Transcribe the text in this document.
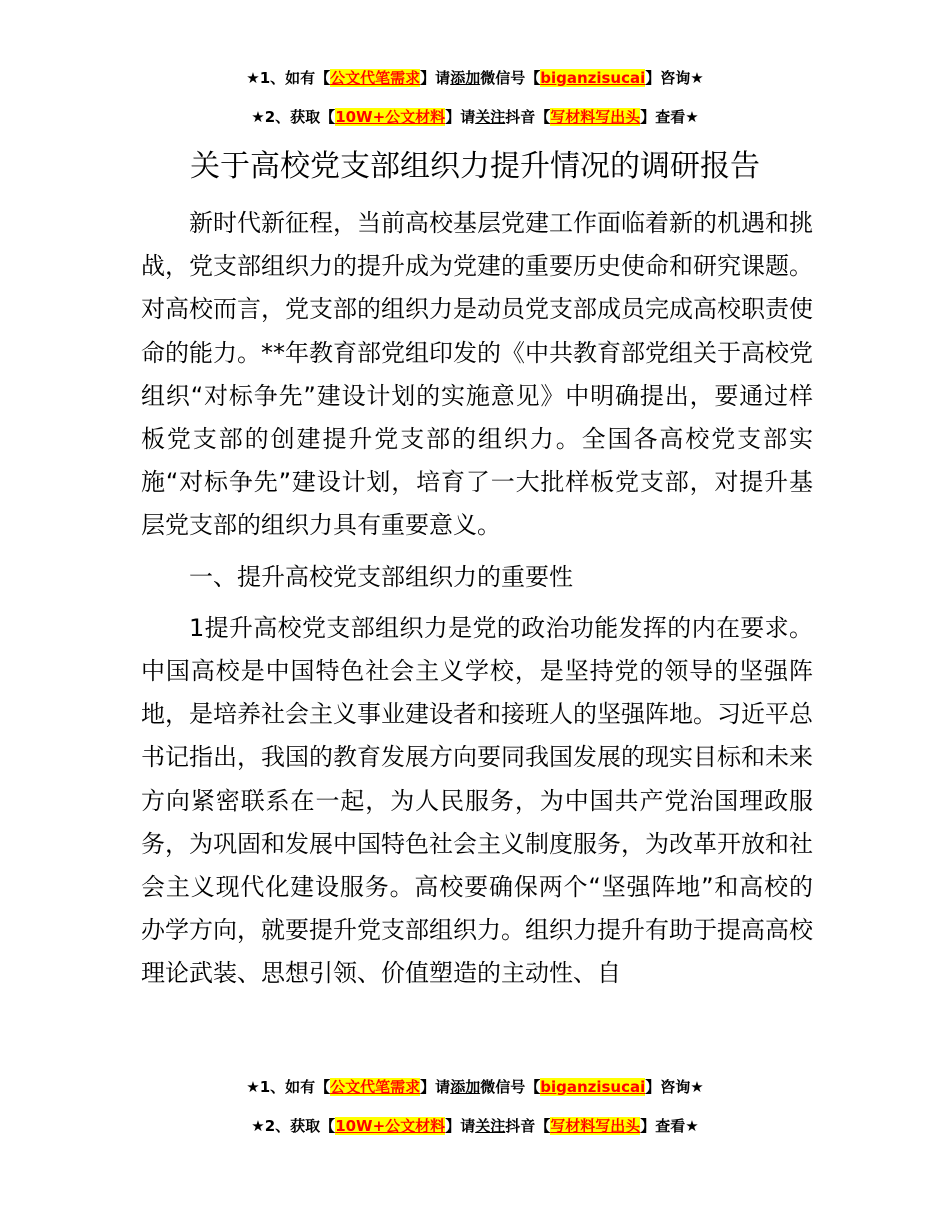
★1、如有【公文代笔需求】请添加微信号【biganzisucai】咨询★
★2、获取【10W+公文材料】请关注抖音【写材料写出头】查看★
关于高校党支部组织力提升情况的调研报告

新时代新征程，当前高校基层党建工作面临着新的机遇和挑战，党支部组织力的提升成为党建的重要历史使命和研究课题。对高校而言，党支部的组织力是动员党支部成员完成高校职责使命的能力。**年教育部党组印发的《中共教育部党组关于高校党组织“对标争先”建设计划的实施意见》中明确提出，要通过样板党支部的创建提升党支部的组织力。全国各高校党支部实施“对标争先”建设计划，培育了一大批样板党支部，对提升基层党支部的组织力具有重要意义。

一、提升高校党支部组织力的重要性

1提升高校党支部组织力是党的政治功能发挥的内在要求。中国高校是中国特色社会主义学校，是坚持党的领导的坚强阵地，是培养社会主义事业建设者和接班人的坚强阵地。习近平总书记指出，我国的教育发展方向要同我国发展的现实目标和未来方向紧密联系在一起，为人民服务，为中国共产党治国理政服务，为巩固和发展中国特色社会主义制度服务，为改革开放和社会主义现代化建设服务。高校要确保两个“坚强阵地”和高校的办学方向，就要提升党支部组织力。组织力提升有助于提高高校理论武装、思想引领、价值塑造的主动性、自

★1、如有【公文代笔需求】请添加微信号【biganzisucai】咨询★
★2、获取【10W+公文材料】请关注抖音【写材料写出头】查看★
